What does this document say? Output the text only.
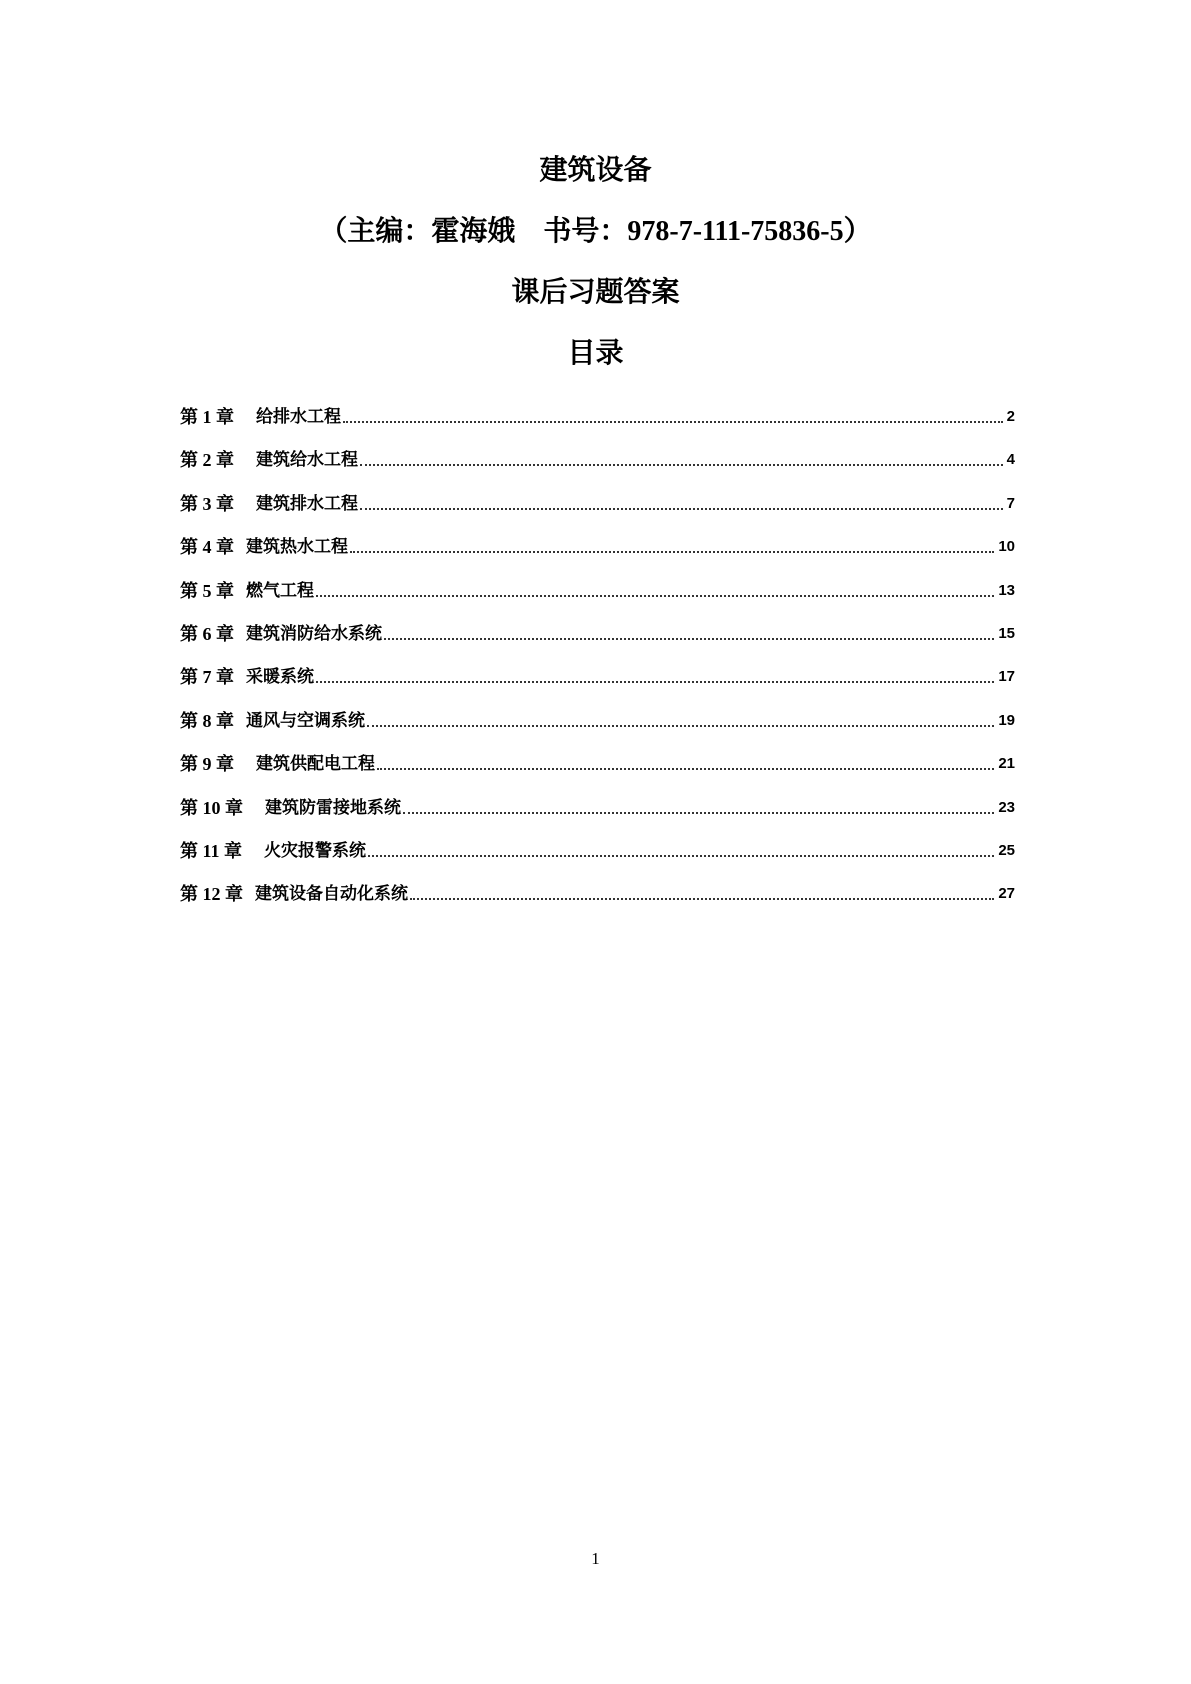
建筑设备
（主编：霍海娥　书号：978-7-111-75836-5）
课后习题答案
目录
第 1 章 给排水工程	2
第 2 章 建筑给水工程	4
第 3 章 建筑排水工程	7
第 4 章 建筑热水工程	10
第 5 章 燃气工程	13
第 6 章 建筑消防给水系统	15
第 7 章 采暖系统	17
第 8 章 通风与空调系统	19
第 9 章 建筑供配电工程	21
第 10 章 建筑防雷接地系统	23
第 11 章 火灾报警系统	25
第 12 章 建筑设备自动化系统	27
1
